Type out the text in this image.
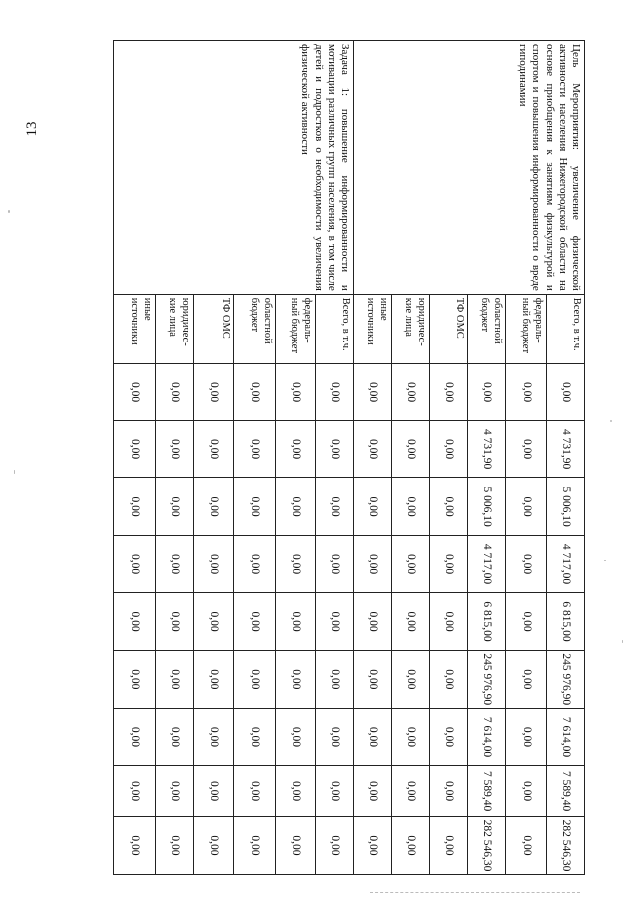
13	Цель Мероприятия: увеличение физической активности населения Нижегородской области на основе приобщения к занятиям физкультурой и спортом и повышения информированности о вреде гиподинамии	Всего, в т.ч.	0,00	4 731,90	5 006,10	4 717,00	6 815,00	245 976,90	7 614,00	7 589,40	282 546,30
	федераль-ный бюджет	0,00	0,00	0,00	0,00	0,00	0,00	0,00	0,00	0,00
	областной бюджет	0,00	4 731,90	5 006,10	4 717,00	6 815,00	245 976,90	7 614,00	7 589,40	282 546,30
	ТФ ОМС	0,00	0,00	0,00	0,00	0,00	0,00	0,00	0,00	0,00
	юридичес-кие лица	0,00	0,00	0,00	0,00	0,00	0,00	0,00	0,00	0,00
	иные источники	0,00	0,00	0,00	0,00	0,00	0,00	0,00	0,00	0,00
Задача 1: повышение информированности и мотивации различных групп населения, в том числе детей и подростков о необходимости увеличения физической активности	Всего, в т.ч.	0,00	0,00	0,00	0,00	0,00	0,00	0,00	0,00	0,00
	федераль-ный бюджет	0,00	0,00	0,00	0,00	0,00	0,00	0,00	0,00	0,00
	областной бюджет	0,00	0,00	0,00	0,00	0,00	0,00	0,00	0,00	0,00
	ТФ ОМС	0,00	0,00	0,00	0,00	0,00	0,00	0,00	0,00	0,00
	юридичес-кие лица	0,00	0,00	0,00	0,00	0,00	0,00	0,00	0,00	0,00
	иные источники	0,00	0,00	0,00	0,00	0,00	0,00	0,00	0,00	0,00
